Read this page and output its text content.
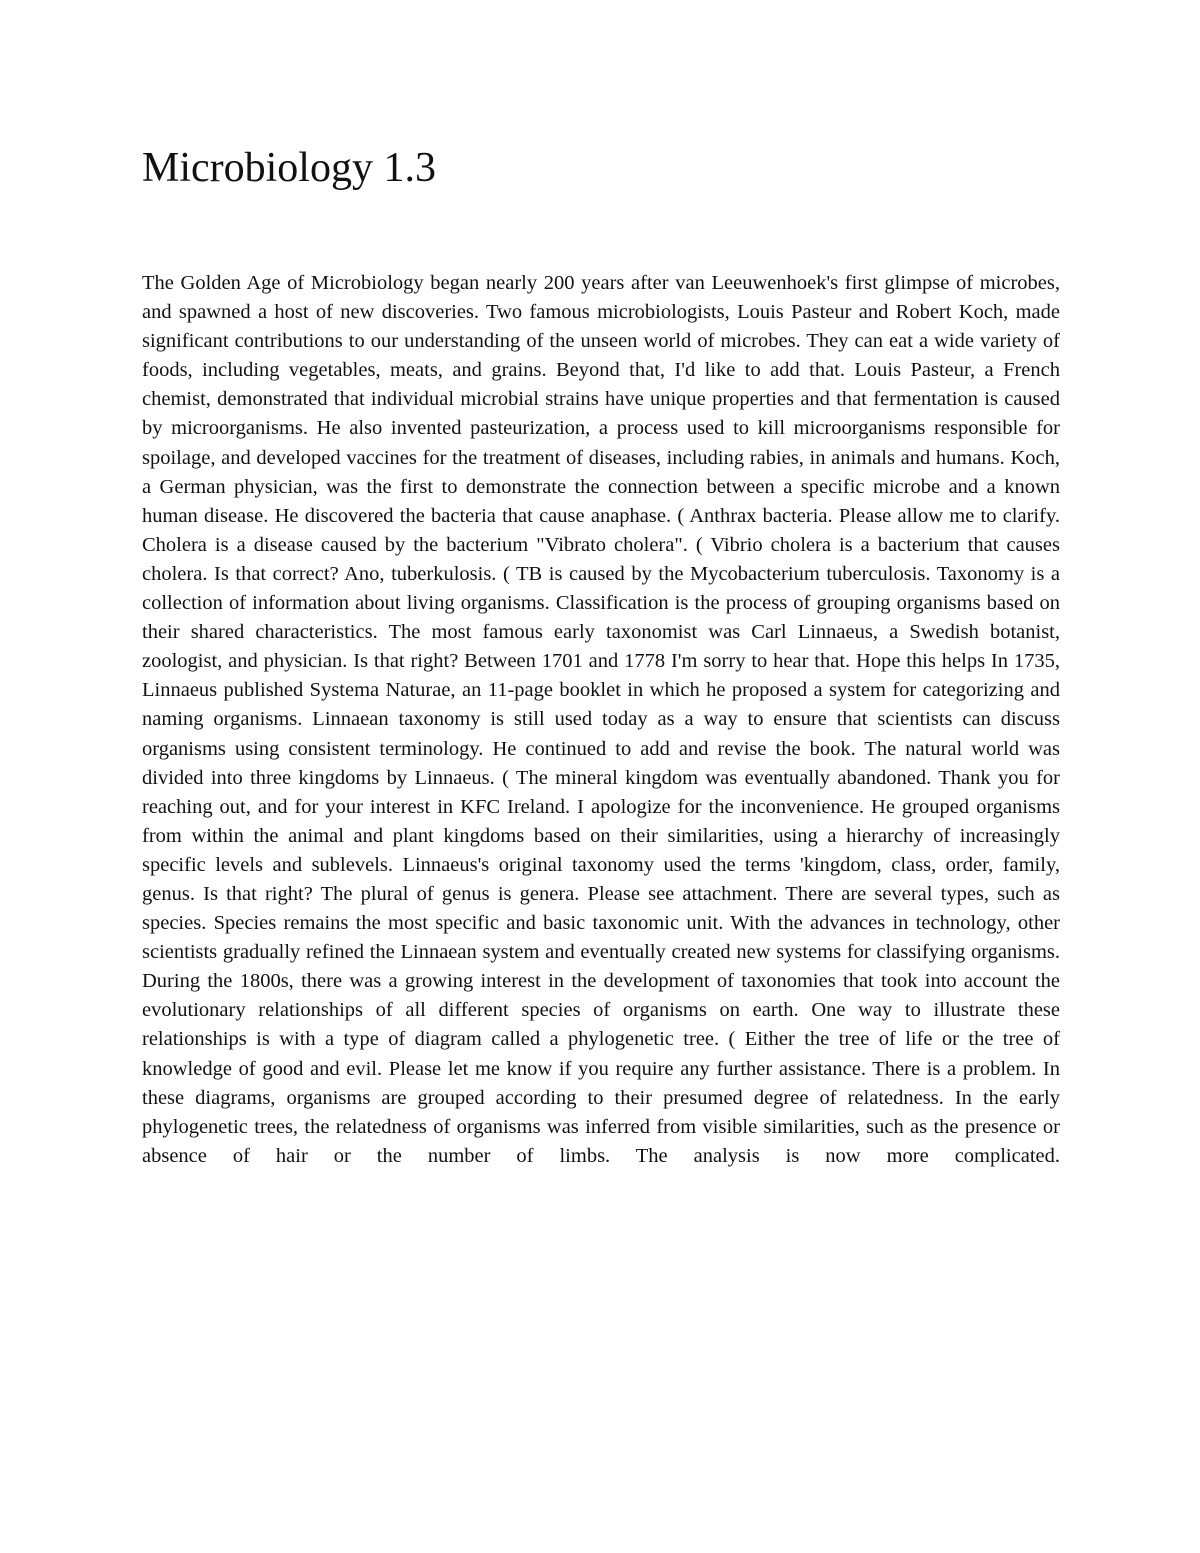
Microbiology 1.3

The Golden Age of Microbiology began nearly 200 years after van Leeuwenhoek's first glimpse of microbes, and spawned a host of new discoveries. Two famous microbiologists, Louis Pasteur and Robert Koch, made significant contributions to our understanding of the unseen world of microbes. They can eat a wide variety of foods, including vegetables, meats, and grains. Beyond that, I'd like to add that. Louis Pasteur, a French chemist, demonstrated that individual microbial strains have unique properties and that fermentation is caused by microorganisms. He also invented pasteurization, a process used to kill microorganisms responsible for spoilage, and developed vaccines for the treatment of diseases, including rabies, in animals and humans. Koch, a German physician, was the first to demonstrate the connection between a specific microbe and a known human disease. He discovered the bacteria that cause anaphase. ( Anthrax bacteria. Please allow me to clarify. Cholera is a disease caused by the bacterium "Vibrato cholera". ( Vibrio cholera is a bacterium that causes cholera. Is that correct? Ano, tuberkulosis. ( TB is caused by the Mycobacterium tuberculosis. Taxonomy is a collection of information about living organisms. Classification is the process of grouping organisms based on their shared characteristics. The most famous early taxonomist was Carl Linnaeus, a Swedish botanist, zoologist, and physician. Is that right? Between 1701 and 1778 I'm sorry to hear that. Hope this helps In 1735, Linnaeus published Systema Naturae, an 11-page booklet in which he proposed a system for categorizing and naming organisms. Linnaean taxonomy is still used today as a way to ensure that scientists can discuss organisms using consistent terminology. He continued to add and revise the book. The natural world was divided into three kingdoms by Linnaeus. ( The mineral kingdom was eventually abandoned. Thank you for reaching out, and for your interest in KFC Ireland. I apologize for the inconvenience. He grouped organisms from within the animal and plant kingdoms based on their similarities, using a hierarchy of increasingly specific levels and sublevels. Linnaeus's original taxonomy used the terms 'kingdom, class, order, family, genus. Is that right? The plural of genus is genera. Please see attachment. There are several types, such as species. Species remains the most specific and basic taxonomic unit. With the advances in technology, other scientists gradually refined the Linnaean system and eventually created new systems for classifying organisms. During the 1800s, there was a growing interest in the development of taxonomies that took into account the evolutionary relationships of all different species of organisms on earth. One way to illustrate these relationships is with a type of diagram called a phylogenetic tree. ( Either the tree of life or the tree of knowledge of good and evil. Please let me know if you require any further assistance. There is a problem. In these diagrams, organisms are grouped according to their presumed degree of relatedness. In the early phylogenetic trees, the relatedness of organisms was inferred from visible similarities, such as the presence or absence of hair or the number of limbs. The analysis is now more complicated.
